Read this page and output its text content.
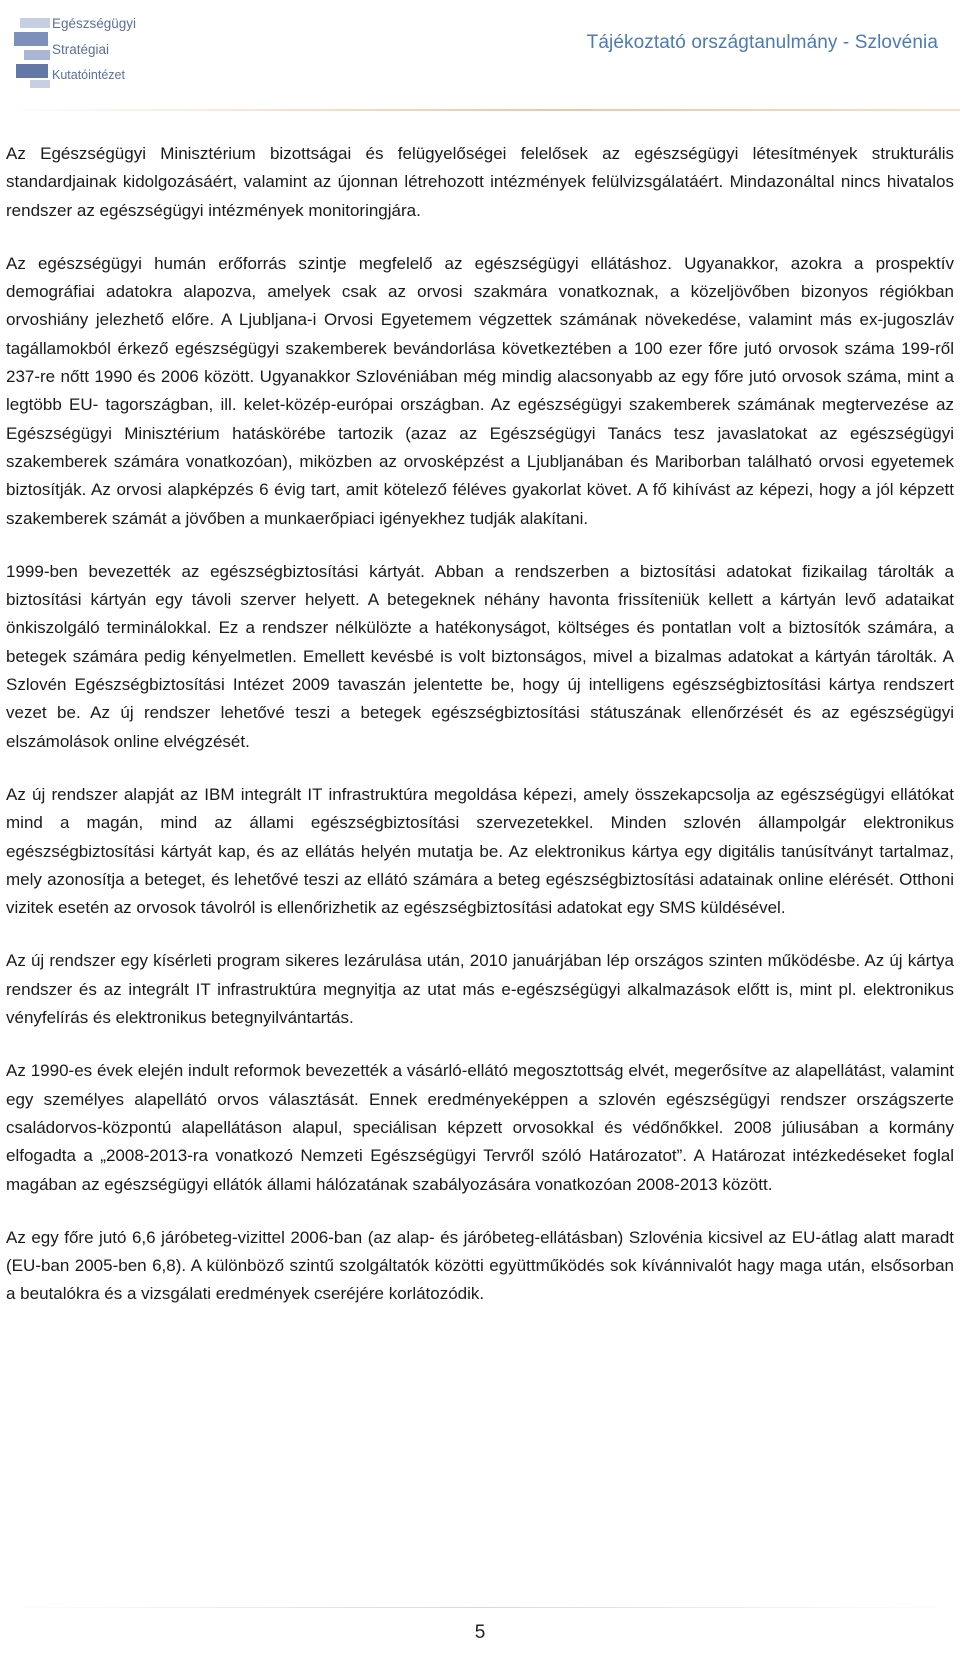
Egészségügyi
Stratégiai
Kutatóintézet
Tájékoztató országtanulmány - Szlovénia

Az Egészségügyi Minisztérium bizottságai és felügyelőségei felelősek az egészségügyi létesítmények strukturális standardjainak kidolgozásáért, valamint az újonnan létrehozott intézmények felülvizsgálatáért. Mindazonáltal nincs hivatalos rendszer az egészségügyi intézmények monitoringjára.

Az egészségügyi humán erőforrás szintje megfelelő az egészségügyi ellátáshoz. Ugyanakkor, azokra a prospektív demográfiai adatokra alapozva, amelyek csak az orvosi szakmára vonatkoznak, a közeljövőben bizonyos régiókban orvoshiány jelezhető előre. A Ljubljana-i Orvosi Egyetemem végzettek számának növekedése, valamint más ex-jugoszláv tagállamokból érkező egészségügyi szakemberek bevándorlása következtében a 100 ezer főre jutó orvosok száma 199-ről 237-re nőtt 1990 és 2006 között. Ugyanakkor Szlovéniában még mindig alacsonyabb az egy főre jutó orvosok száma, mint a legtöbb EU- tagországban, ill. kelet-közép-európai országban. Az egészségügyi szakemberek számának megtervezése az Egészségügyi Minisztérium hatáskörébe tartozik (azaz az Egészségügyi Tanács tesz javaslatokat az egészségügyi szakemberek számára vonatkozóan), miközben az orvosképzést a Ljubljanában és Mariborban található orvosi egyetemek biztosítják. Az orvosi alapképzés 6 évig tart, amit kötelező féléves gyakorlat követ. A fő kihívást az képezi, hogy a jól képzett szakemberek számát a jövőben a munkaerőpiaci igényekhez tudják alakítani.

1999-ben bevezették az egészségbiztosítási kártyát. Abban a rendszerben a biztosítási adatokat fizikailag tárolták a biztosítási kártyán egy távoli szerver helyett. A betegeknek néhány havonta frissíteniük kellett a kártyán levő adataikat önkiszolgáló terminálokkal. Ez a rendszer nélkülözte a hatékonyságot, költséges és pontatlan volt a biztosítók számára, a betegek számára pedig kényelmetlen. Emellett kevésbé is volt biztonságos, mivel a bizalmas adatokat a kártyán tárolták. A Szlovén Egészségbiztosítási Intézet 2009 tavaszán jelentette be, hogy új intelligens egészségbiztosítási kártya rendszert vezet be. Az új rendszer lehetővé teszi a betegek egészségbiztosítási státuszának ellenőrzését és az egészségügyi elszámolások online elvégzését.

Az új rendszer alapját az IBM integrált IT infrastruktúra megoldása képezi, amely összekapcsolja az egészségügyi ellátókat mind a magán, mind az állami egészségbiztosítási szervezetekkel. Minden szlovén állampolgár elektronikus egészségbiztosítási kártyát kap, és az ellátás helyén mutatja be. Az elektronikus kártya egy digitális tanúsítványt tartalmaz, mely azonosítja a beteget, és lehetővé teszi az ellátó számára a beteg egészségbiztosítási adatainak online elérését. Otthoni vizitek esetén az orvosok távolról is ellenőrizhetik az egészségbiztosítási adatokat egy SMS küldésével.

Az új rendszer egy kísérleti program sikeres lezárulása után, 2010 januárjában lép országos szinten működésbe. Az új kártya rendszer és az integrált IT infrastruktúra megnyitja az utat más e-egészségügyi alkalmazások előtt is, mint pl. elektronikus vényfelírás és elektronikus betegnyilvántartás.

Az 1990-es évek elején indult reformok bevezették a vásárló-ellátó megosztottság elvét, megerősítve az alapellátást, valamint egy személyes alapellátó orvos választását. Ennek eredményeképpen a szlovén egészségügyi rendszer országszerte családorvos-központú alapellátáson alapul, speciálisan képzett orvosokkal és védőnőkkel. 2008 júliusában a kormány elfogadta a „2008-2013-ra vonatkozó Nemzeti Egészségügyi Tervről szóló Határozatot”. A Határozat intézkedéseket foglal magában az egészségügyi ellátók állami hálózatának szabályozására vonatkozóan 2008-2013 között.

Az egy főre jutó 6,6 járóbeteg-vizittel 2006-ban (az alap- és járóbeteg-ellátásban) Szlovénia kicsivel az EU-átlag alatt maradt (EU-ban 2005-ben 6,8). A különböző szintű szolgáltatók közötti együttműködés sok kívánnivalót hagy maga után, elsősorban a beutalókra és a vizsgálati eredmények cseréjére korlátozódik.

5
